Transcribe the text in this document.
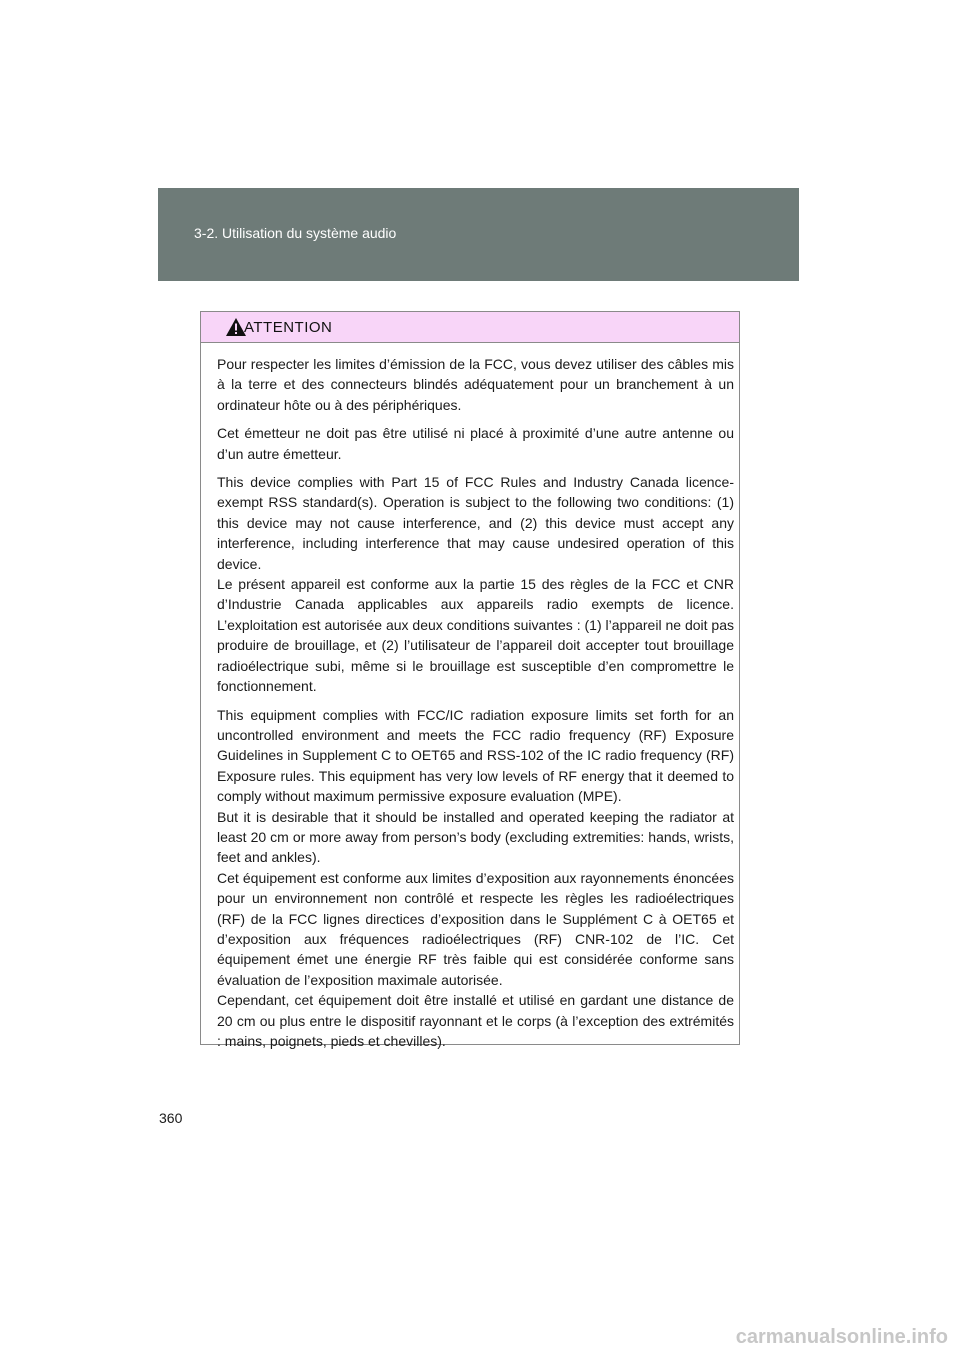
3-2. Utilisation du système audio
ATTENTION

Pour respecter les limites d’émission de la FCC, vous devez utiliser des câbles mis à la terre et des connecteurs blindés adéquatement pour un branchement à un ordinateur hôte ou à des périphériques.

Cet émetteur ne doit pas être utilisé ni placé à proximité d’une autre antenne ou d’un autre émetteur.

This device complies with Part 15 of FCC Rules and Industry Canada licence-exempt RSS standard(s). Operation is subject to the following two conditions: (1) this device may not cause interference, and (2) this device must accept any interference, including interference that may cause undesired operation of this device.

Le présent appareil est conforme aux la partie 15 des règles de la FCC et CNR d’Industrie Canada applicables aux appareils radio exempts de licence. L’exploitation est autorisée aux deux conditions suivantes : (1) l’appareil ne doit pas produire de brouillage, et (2) l’utilisateur de l’appareil doit accepter tout brouillage radioélectrique subi, même si le brouillage est susceptible d’en compromettre le fonctionnement.

This equipment complies with FCC/IC radiation exposure limits set forth for an uncontrolled environment and meets the FCC radio frequency (RF) Exposure Guidelines in Supplement C to OET65 and RSS-102 of the IC radio frequency (RF) Exposure rules. This equipment has very low levels of RF energy that it deemed to comply without maximum permissive exposure evaluation (MPE).

But it is desirable that it should be installed and operated keeping the radiator at least 20 cm or more away from person’s body (excluding extremities: hands, wrists, feet and ankles).

Cet équipement est conforme aux limites d’exposition aux rayonnements énoncées pour un environnement non contrôlé et respecte les règles les radioélectriques (RF) de la FCC lignes directices d’exposition dans le Supplément C à OET65 et d’exposition aux fréquences radioélectriques (RF) CNR-102 de l’IC. Cet équipement émet une énergie RF très faible qui est considérée conforme sans évaluation de l’exposition maximale autorisée.

Cependant, cet équipement doit être installé et utilisé en gardant une distance de 20 cm ou plus entre le dispositif rayonnant et le corps (à l’exception des extrémités : mains, poignets, pieds et chevilles).

360
carmanualsonline.info
